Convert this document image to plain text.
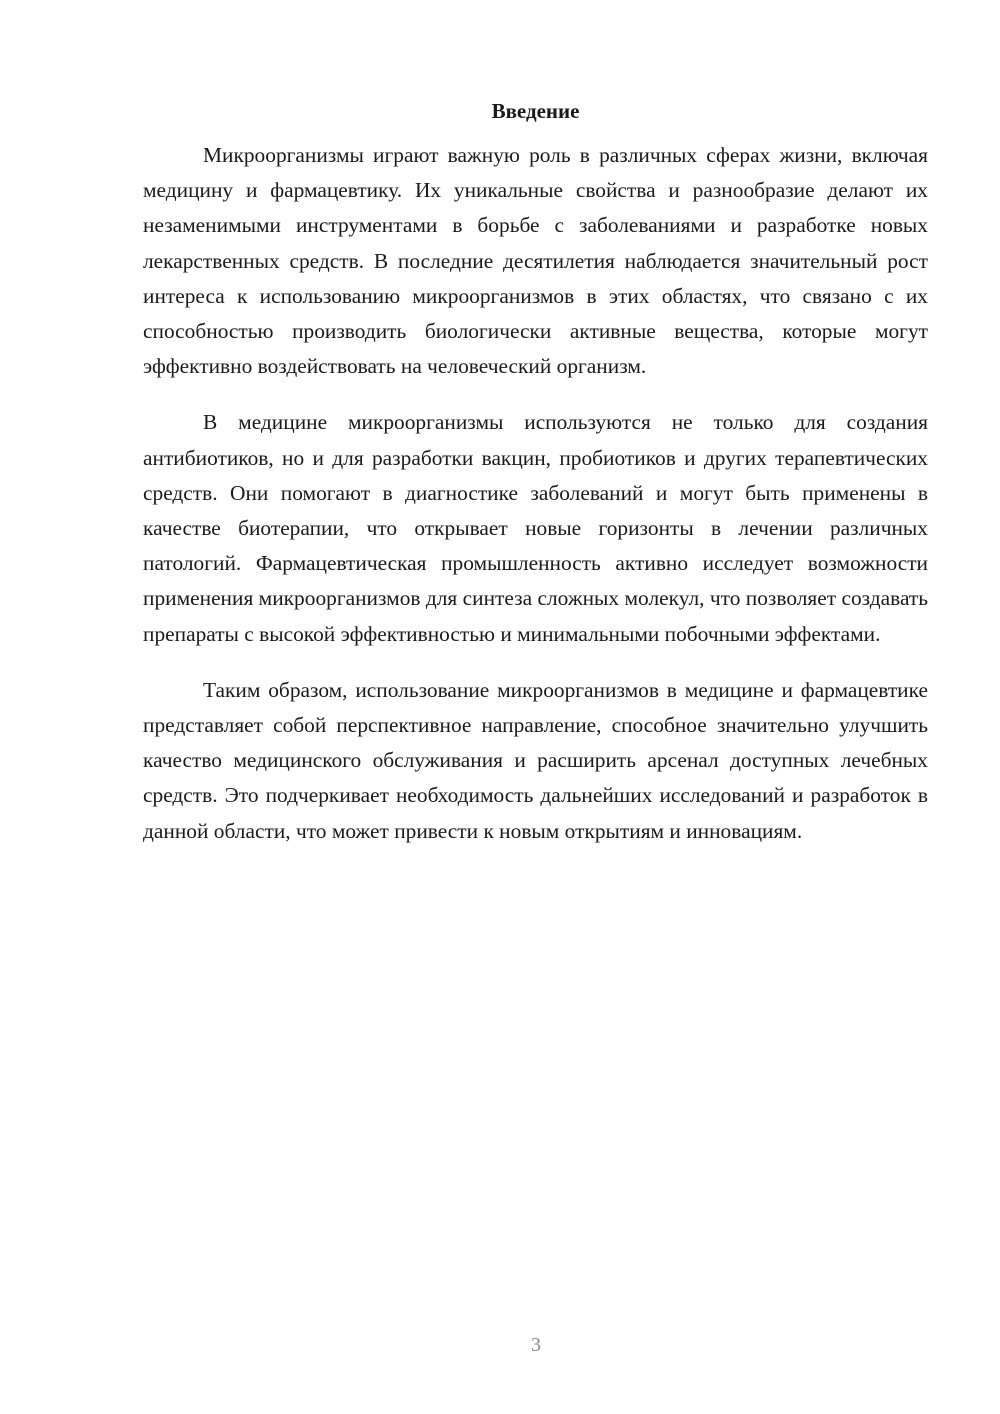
Введение

Микроорганизмы играют важную роль в различных сферах жизни, включая медицину и фармацевтику. Их уникальные свойства и разнообразие делают их незаменимыми инструментами в борьбе с заболеваниями и разработке новых лекарственных средств. В последние десятилетия наблюдается значительный рост интереса к использованию микроорганизмов в этих областях, что связано с их способностью производить биологически активные вещества, которые могут эффективно воздействовать на человеческий организм.

В медицине микроорганизмы используются не только для создания антибиотиков, но и для разработки вакцин, пробиотиков и других терапевтических средств. Они помогают в диагностике заболеваний и могут быть применены в качестве биотерапии, что открывает новые горизонты в лечении различных патологий. Фармацевтическая промышленность активно исследует возможности применения микроорганизмов для синтеза сложных молекул, что позволяет создавать препараты с высокой эффективностью и минимальными побочными эффектами.

Таким образом, использование микроорганизмов в медицине и фармацевтике представляет собой перспективное направление, способное значительно улучшить качество медицинского обслуживания и расширить арсенал доступных лечебных средств. Это подчеркивает необходимость дальнейших исследований и разработок в данной области, что может привести к новым открытиям и инновациям.

3
